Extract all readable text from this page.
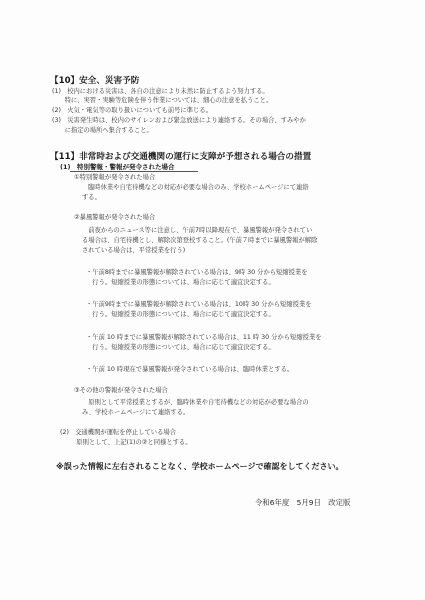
【10】安全、災害予防
(1)　校内における災害は、各自の注意により未然に防止するよう努力する。
　　特に、実習・実験等危険を伴う作業については、細心の注意を払うこと。
(2)　火気・電気等の取り扱いについても前号に準じる。
(3)　災害発生時は、校内のサイレンおよび緊急放送により連絡する。その場合、すみやか
　　に指定の場所へ集合すること。
【11】非常時および交通機関の運行に支障が予想される場合の措置
(1)　特別警報・警報が発令された場合
①特別警報が発令された場合
臨時休業や自宅待機などの対応が必要な場合のみ、学校ホームページにて連絡
する。
②暴風警報が発令された場合
　前夜からのニュース等に注意し、午前7時以降現在で、暴風警報が発令されてい
る場合は、自宅待機とし、解除次第登校すること。(午前７時までに暴風警報が解除
されている場合は、平常授業を行う)
・午前8時までに暴風警報が解除されている場合は、9時 30 分から短縮授業を
　行う。短縮授業の形態については、場合に応じて適宜決定する。
・午前9時までに暴風警報が解除されている場合は、10時 30 分から短縮授業を
　行う。短縮授業の形態については、場合に応じて適宜決定する。
・午前 10 時までに暴風警報が解除されている場合は、11 時 30 分から短縮授業を
　行う。短縮授業の形態については、場合に応じて適宜決定する。
・午前 10 時現在で暴風警報が発令されている場合は、臨時休業とする。
③その他の警報が発令された場合
　原則として平常授業とするが、臨時休業や自宅待機などの対応が必要な場合の
み、学校ホームページにて連絡する。
(2)　交通機関が運転を停止している場合
　原則として、上記(1)の②と同様とする。
※誤った情報に左右されることなく、学校ホームページで確認をしてください。
令和6年度　5月9日　改定版
